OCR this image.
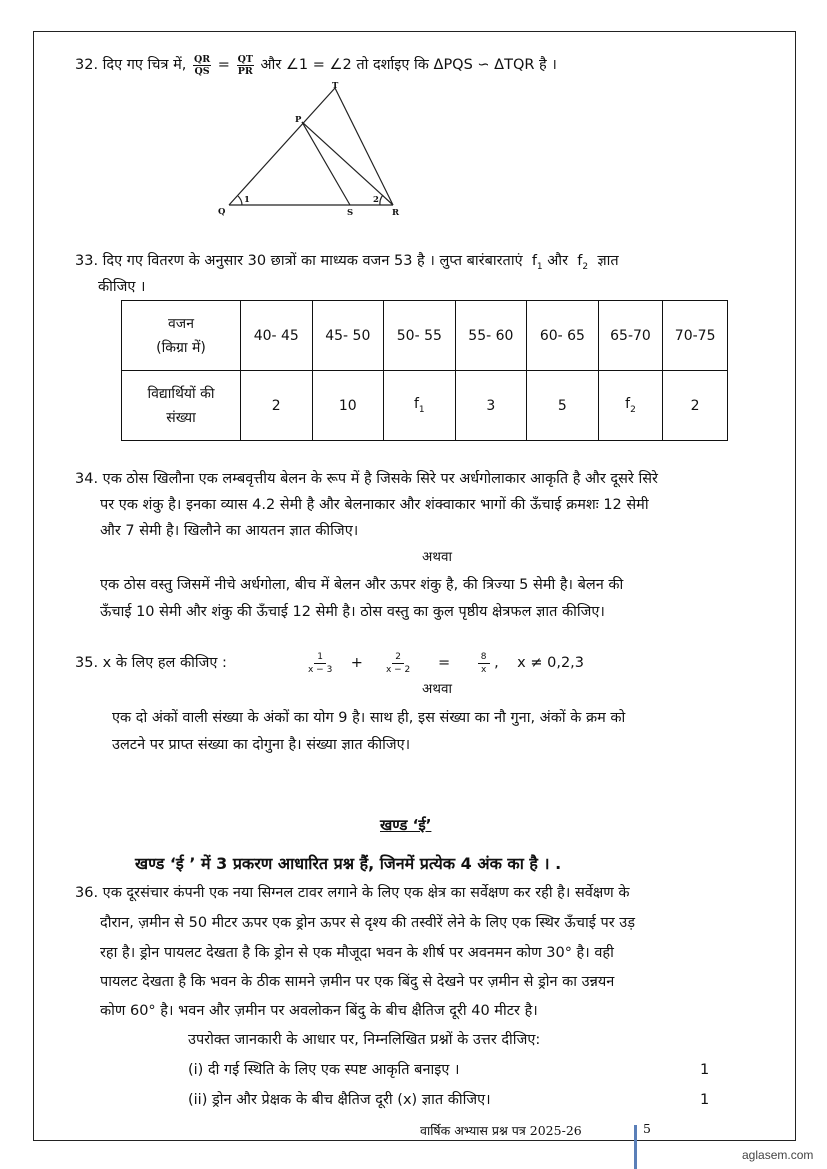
32. दिए गए चित्र में, $\frac{QR}{QS} = \frac{QT}{PR}$ और ∠1 = ∠2 तो दर्शाइए कि ΔPQS ∽ ΔTQR है ।
T
P
Q	S	R
1	2
33. दिए गए वितरण के अनुसार 30 छात्रों का माध्यक वजन 53 है । लुप्त बारंबारताएं $f_1$ और $f_2$ ज्ञात
कीजिए ।
वजन
(किग्रा में)	40- 45	45- 50	50- 55	55- 60	60- 65	65-70	70-75
विद्यार्थियों की
संख्या	2	10	$f_1$	3	5	$f_2$	2
34. एक ठोस खिलौना एक लम्बवृत्तीय बेलन के रूप में है जिसके सिरे पर अर्धगोलाकार आकृति है और दूसरे सिरे
पर एक शंकु है। इनका व्यास 4.2 सेमी है और बेलनाकार और शंक्वाकार भागों की ऊँचाई क्रमशः 12 सेमी
और 7 सेमी है। खिलौने का आयतन ज्ञात कीजिए।
अथवा
एक ठोस वस्तु जिसमें नीचे अर्धगोला, बीच में बेलन और ऊपर शंकु है, की त्रिज्या 5 सेमी है। बेलन की
ऊँचाई 10 सेमी और शंकु की ऊँचाई 12 सेमी है। ठोस वस्तु का कुल पृष्ठीय क्षेत्रफल ज्ञात कीजिए।
35. x के लिए हल कीजिए :	$\frac{1}{x - 3}$ +	$\frac{2}{x - 2}$ =	$\frac{8}{x}$ ,    x ≠ 0,2,3
अथवा
एक दो अंकों वाली संख्या के अंकों का योग 9 है। साथ ही, इस संख्या का नौ गुना, अंकों के क्रम को
उलटने पर प्राप्त संख्या का दोगुना है। संख्या ज्ञात कीजिए।
खण्ड ‘ई’
खण्ड ‘ई ’ में 3 प्रकरण आधारित प्रश्न हैं, जिनमें प्रत्येक 4 अंक का है । .
36. एक दूरसंचार कंपनी एक नया सिग्नल टावर लगाने के लिए एक क्षेत्र का सर्वेक्षण कर रही है। सर्वेक्षण के
दौरान, ज़मीन से 50 मीटर ऊपर एक ड्रोन ऊपर से दृश्य की तस्वीरें लेने के लिए एक स्थिर ऊँचाई पर उड़
रहा है। ड्रोन पायलट देखता है कि ड्रोन से एक मौजूदा भवन के शीर्ष पर अवनमन कोण 30° है। वही
पायलट देखता है कि भवन के ठीक सामने ज़मीन पर एक बिंदु से देखने पर ज़मीन से ड्रोन का उन्नयन
कोण 60° है। भवन और ज़मीन पर अवलोकन बिंदु के बीच क्षैतिज दूरी 40 मीटर है।
उपरोक्त जानकारी के आधार पर, निम्नलिखित प्रश्नों के उत्तर दीजिए:
(i) दी गई स्थिति के लिए एक स्पष्ट आकृति बनाइए ।	1
(ii) ड्रोन और प्रेक्षक के बीच क्षैतिज दूरी (x) ज्ञात कीजिए।	1
वार्षिक अभ्यास प्रश्न पत्र 2025-26	5
aglasem.com
